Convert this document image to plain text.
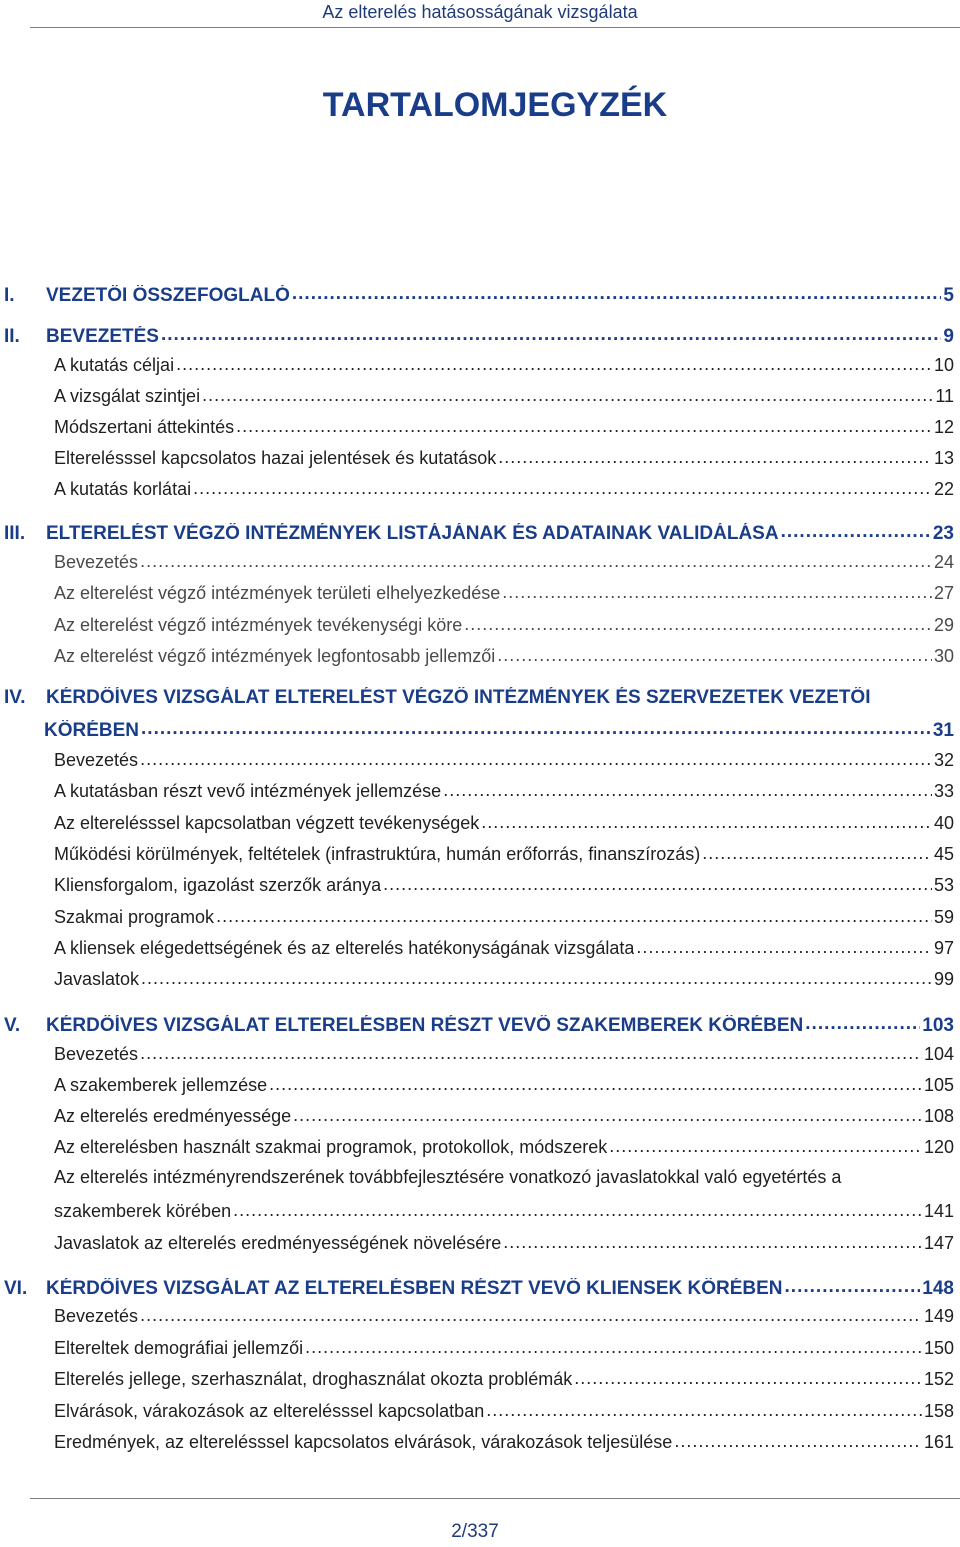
Az elterelés hatásosságának vizsgálata
TARTALOMJEGYZÉK
I.	VEZETŐI ÖSSZEFOGLALÓ .....	5
II.	BEVEZETÉS .....	9
A kutatás céljai .....	10
A vizsgálat szintjei .....	11
Módszertani áttekintés .....	12
Elterelésssel kapcsolatos hazai jelentések és kutatások .....	13
A kutatás korlátai .....	22
III.	ELTERELÉST VÉGZŐ INTÉZMÉNYEK LISTÁJÁNAK ÉS ADATAINAK VALIDÁLÁSA .....	23
Bevezetés .....	24
Az elterelést végző intézmények területi elhelyezkedése .....	27
Az elterelést végző intézmények tevékenységi köre .....	29
Az elterelést végző intézmények legfontosabb jellemzői .....	30
IV.	KÉRDŐÍVES VIZSGÁLAT ELTERELÉST VÉGZŐ INTÉZMÉNYEK ÉS SZERVEZETEK VEZETŐI
KÖRÉBEN .....	31
Bevezetés .....	32
A kutatásban részt vevő intézmények jellemzése .....	33
Az elterelésssel kapcsolatban végzett tevékenységek .....	40
Működési körülmények, feltételek (infrastruktúra, humán erőforrás, finanszírozás) .....	45
Kliensforgalom, igazolást szerzők aránya .....	53
Szakmai programok .....	59
A kliensek elégedettségének és az elterelés hatékonyságának vizsgálata .....	97
Javaslatok .....	99
V.	KÉRDŐÍVES VIZSGÁLAT ELTERELÉSBEN RÉSZT VEVŐ SZAKEMBEREK KÖRÉBEN .....	103
Bevezetés .....	104
A szakemberek jellemzése .....	105
Az elterelés eredményessége .....	108
Az elterelésben használt szakmai programok, protokollok, módszerek .....	120
Az elterelés intézményrendszerének továbbfejlesztésére vonatkozó javaslatokkal való egyetértés a
szakemberek körében .....	141
Javaslatok az elterelés eredményességének növelésére .....	147
VI. KÉRDŐÍVES VIZSGÁLAT AZ ELTERELÉSBEN RÉSZT VEVŐ KLIENSEK KÖRÉBEN .....	148
Bevezetés .....	149
Eltereltek demográfiai jellemzői .....	150
Elterelés jellege, szerhasználat, droghasználat okozta problémák .....	152
Elvárások, várakozások az elterelésssel kapcsolatban .....	158
Eredmények, az elterelésssel kapcsolatos elvárások, várakozások teljesülése .....	161
2/337
